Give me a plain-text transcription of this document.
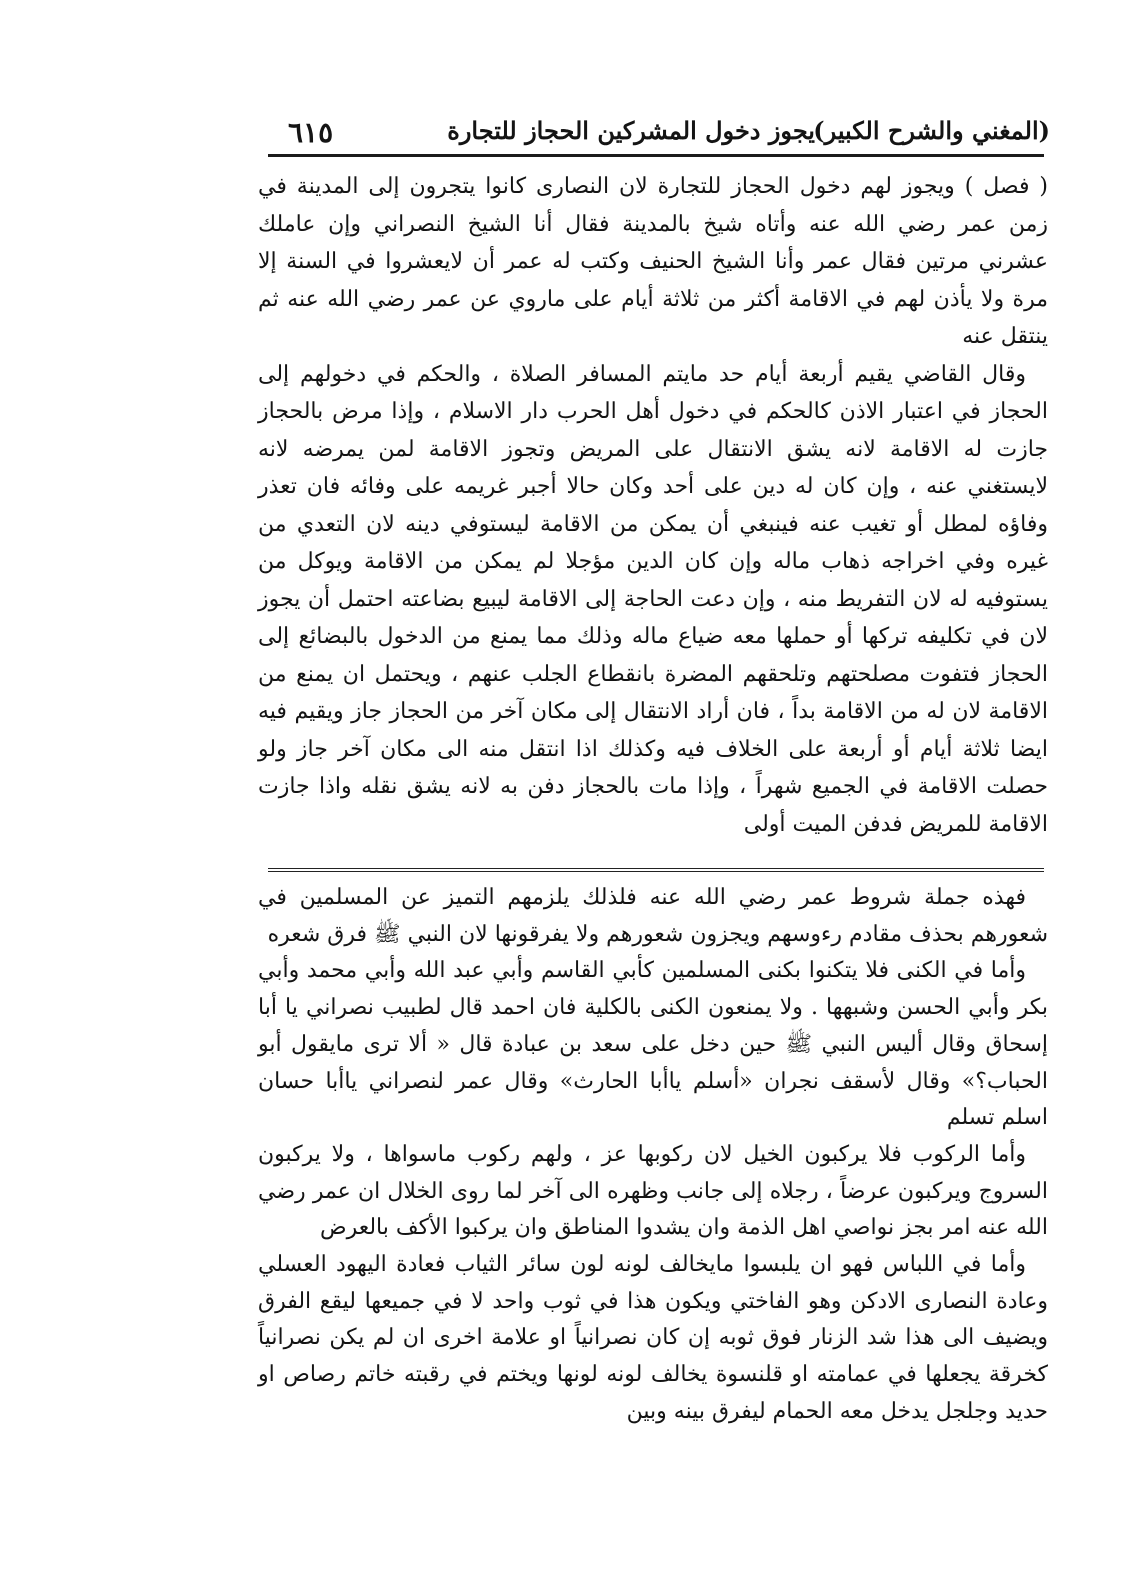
(المغني والشرح الكبير)
يجوز دخول المشركين الحجاز للتجارة
٦١٥

( فصل ) ويجوز لهم دخول الحجاز للتجارة لان النصارى كانوا يتجرون إلى المدينة في زمن عمر رضي الله عنه وأتاه شيخ بالمدينة فقال أنا الشيخ النصراني وإن عاملك عشرني مرتين فقال عمر وأنا الشيخ الحنيف وكتب له عمر أن لايعشروا في السنة إلا مرة ولا يأذن لهم في الاقامة أكثر من ثلاثة أيام على ماروي عن عمر رضي الله عنه ثم ينتقل عنه

وقال القاضي يقيم أربعة أيام حد مايتم المسافر الصلاة ، والحكم في دخولهم إلى الحجاز في اعتبار الاذن كالحكم في دخول أهل الحرب دار الاسلام ، وإذا مرض بالحجاز جازت له الاقامة لانه يشق الانتقال على المريض وتجوز الاقامة لمن يمرضه لانه لايستغني عنه ، وإن كان له دين على أحد وكان حالا أجبر غريمه على وفائه فان تعذر وفاؤه لمطل أو تغيب عنه فينبغي أن يمكن من الاقامة ليستوفي دينه لان التعدي من غيره وفي اخراجه ذهاب ماله وإن كان الدين مؤجلا لم يمكن من الاقامة ويوكل من يستوفيه له لان التفريط منه ، وإن دعت الحاجة إلى الاقامة ليبيع بضاعته احتمل أن يجوز لان في تكليفه تركها أو حملها معه ضياع ماله وذلك مما يمنع من الدخول بالبضائع إلى الحجاز فتفوت مصلحتهم وتلحقهم المضرة بانقطاع الجلب عنهم ، ويحتمل ان يمنع من الاقامة لان له من الاقامة بداً ، فان أراد الانتقال إلى مكان آخر من الحجاز جاز ويقيم فيه ايضا ثلاثة أيام أو أربعة على الخلاف فيه وكذلك اذا انتقل منه الى مكان آخر جاز ولو حصلت الاقامة في الجميع شهراً ، وإذا مات بالحجاز دفن به لانه يشق نقله واذا جازت الاقامة للمريض فدفن الميت أولى

فهذه جملة شروط عمر رضي الله عنه فلذلك يلزمهم التميز عن المسلمين في شعورهم بحذف مقادم رءوسهم ويجزون شعورهم ولا يفرقونها لان النبي ﷺ فرق شعره

وأما في الكنى فلا يتكنوا بكنى المسلمين كأبي القاسم وأبي عبد الله وأبي محمد وأبي بكر وأبي الحسن وشبهها . ولا يمنعون الكنى بالكلية فان احمد قال لطبيب نصراني يا أبا إسحاق وقال أليس النبي ﷺ حين دخل على سعد بن عبادة قال « ألا ترى مايقول أبو الحباب؟» وقال لأسقف نجران «أسلم ياأبا الحارث» وقال عمر لنصراني ياأبا حسان اسلم تسلم

وأما الركوب فلا يركبون الخيل لان ركوبها عز ، ولهم ركوب ماسواها ، ولا يركبون السروج ويركبون عرضاً ، رجلاه إلى جانب وظهره الى آخر لما روى الخلال ان عمر رضي الله عنه امر بجز نواصي اهل الذمة وان يشدوا المناطق وان يركبوا الأكف بالعرض

وأما في اللباس فهو ان يلبسوا مايخالف لونه لون سائر الثياب فعادة اليهود العسلي وعادة النصارى الادكن وهو الفاختي ويكون هذا في ثوب واحد لا في جميعها ليقع الفرق ويضيف الى هذا شد الزنار فوق ثوبه إن كان نصرانياً او علامة اخرى ان لم يكن نصرانياً كخرقة يجعلها في عمامته او قلنسوة يخالف لونه لونها ويختم في رقبته خاتم رصاص او حديد وجلجل يدخل معه الحمام ليفرق بينه وبين
